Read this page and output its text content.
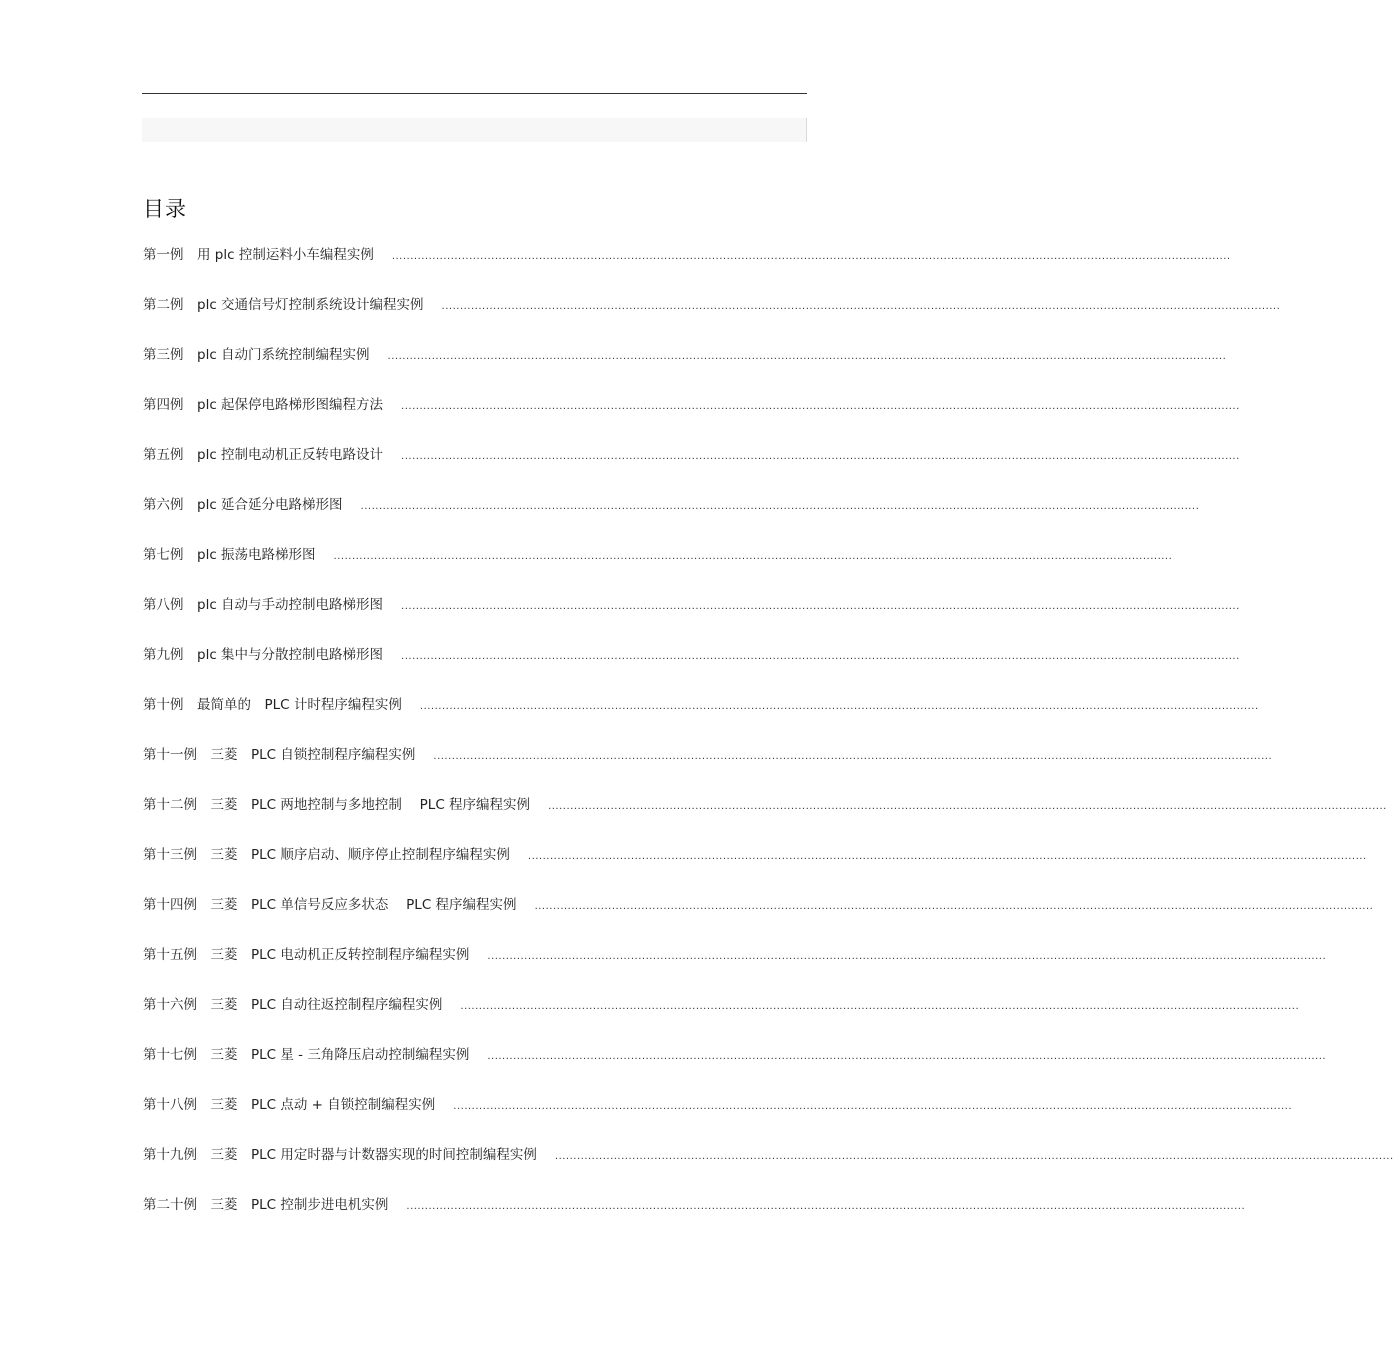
目录
第一例　用 plc 控制运料小车编程实例	....................................................................................................................................................................................................................................
第二例　plc 交通信号灯控制系统设计编程实例	....................................................................................................................................................................................................................................
第三例　plc 自动门系统控制编程实例	....................................................................................................................................................................................................................................
第四例　plc 起保停电路梯形图编程方法	....................................................................................................................................................................................................................................
第五例　plc 控制电动机正反转电路设计	....................................................................................................................................................................................................................................
第六例　plc 延合延分电路梯形图	....................................................................................................................................................................................................................................
第七例　plc 振荡电路梯形图	....................................................................................................................................................................................................................................
第八例　plc 自动与手动控制电路梯形图	....................................................................................................................................................................................................................................
第九例　plc 集中与分散控制电路梯形图	....................................................................................................................................................................................................................................
第十例　最简单的　PLC 计时程序编程实例	....................................................................................................................................................................................................................................
第十一例　三菱　PLC 自锁控制程序编程实例	....................................................................................................................................................................................................................................
第十二例　三菱　PLC 两地控制与多地控制　 PLC 程序编程实例	....................................................................................................................................................................................................................................
第十三例　三菱　PLC 顺序启动、顺序停止控制程序编程实例	....................................................................................................................................................................................................................................
第十四例　三菱　PLC 单信号反应多状态　 PLC 程序编程实例	....................................................................................................................................................................................................................................
第十五例　三菱　PLC 电动机正反转控制程序编程实例	....................................................................................................................................................................................................................................
第十六例　三菱　PLC 自动往返控制程序编程实例	....................................................................................................................................................................................................................................
第十七例　三菱　PLC 星 - 三角降压启动控制编程实例	....................................................................................................................................................................................................................................
第十八例　三菱　PLC 点动 + 自锁控制编程实例	....................................................................................................................................................................................................................................
第十九例　三菱　PLC 用定时器与计数器实现的时间控制编程实例	....................................................................................................................................................................................................................................
第二十例　三菱　PLC 控制步进电机实例	....................................................................................................................................................................................................................................
